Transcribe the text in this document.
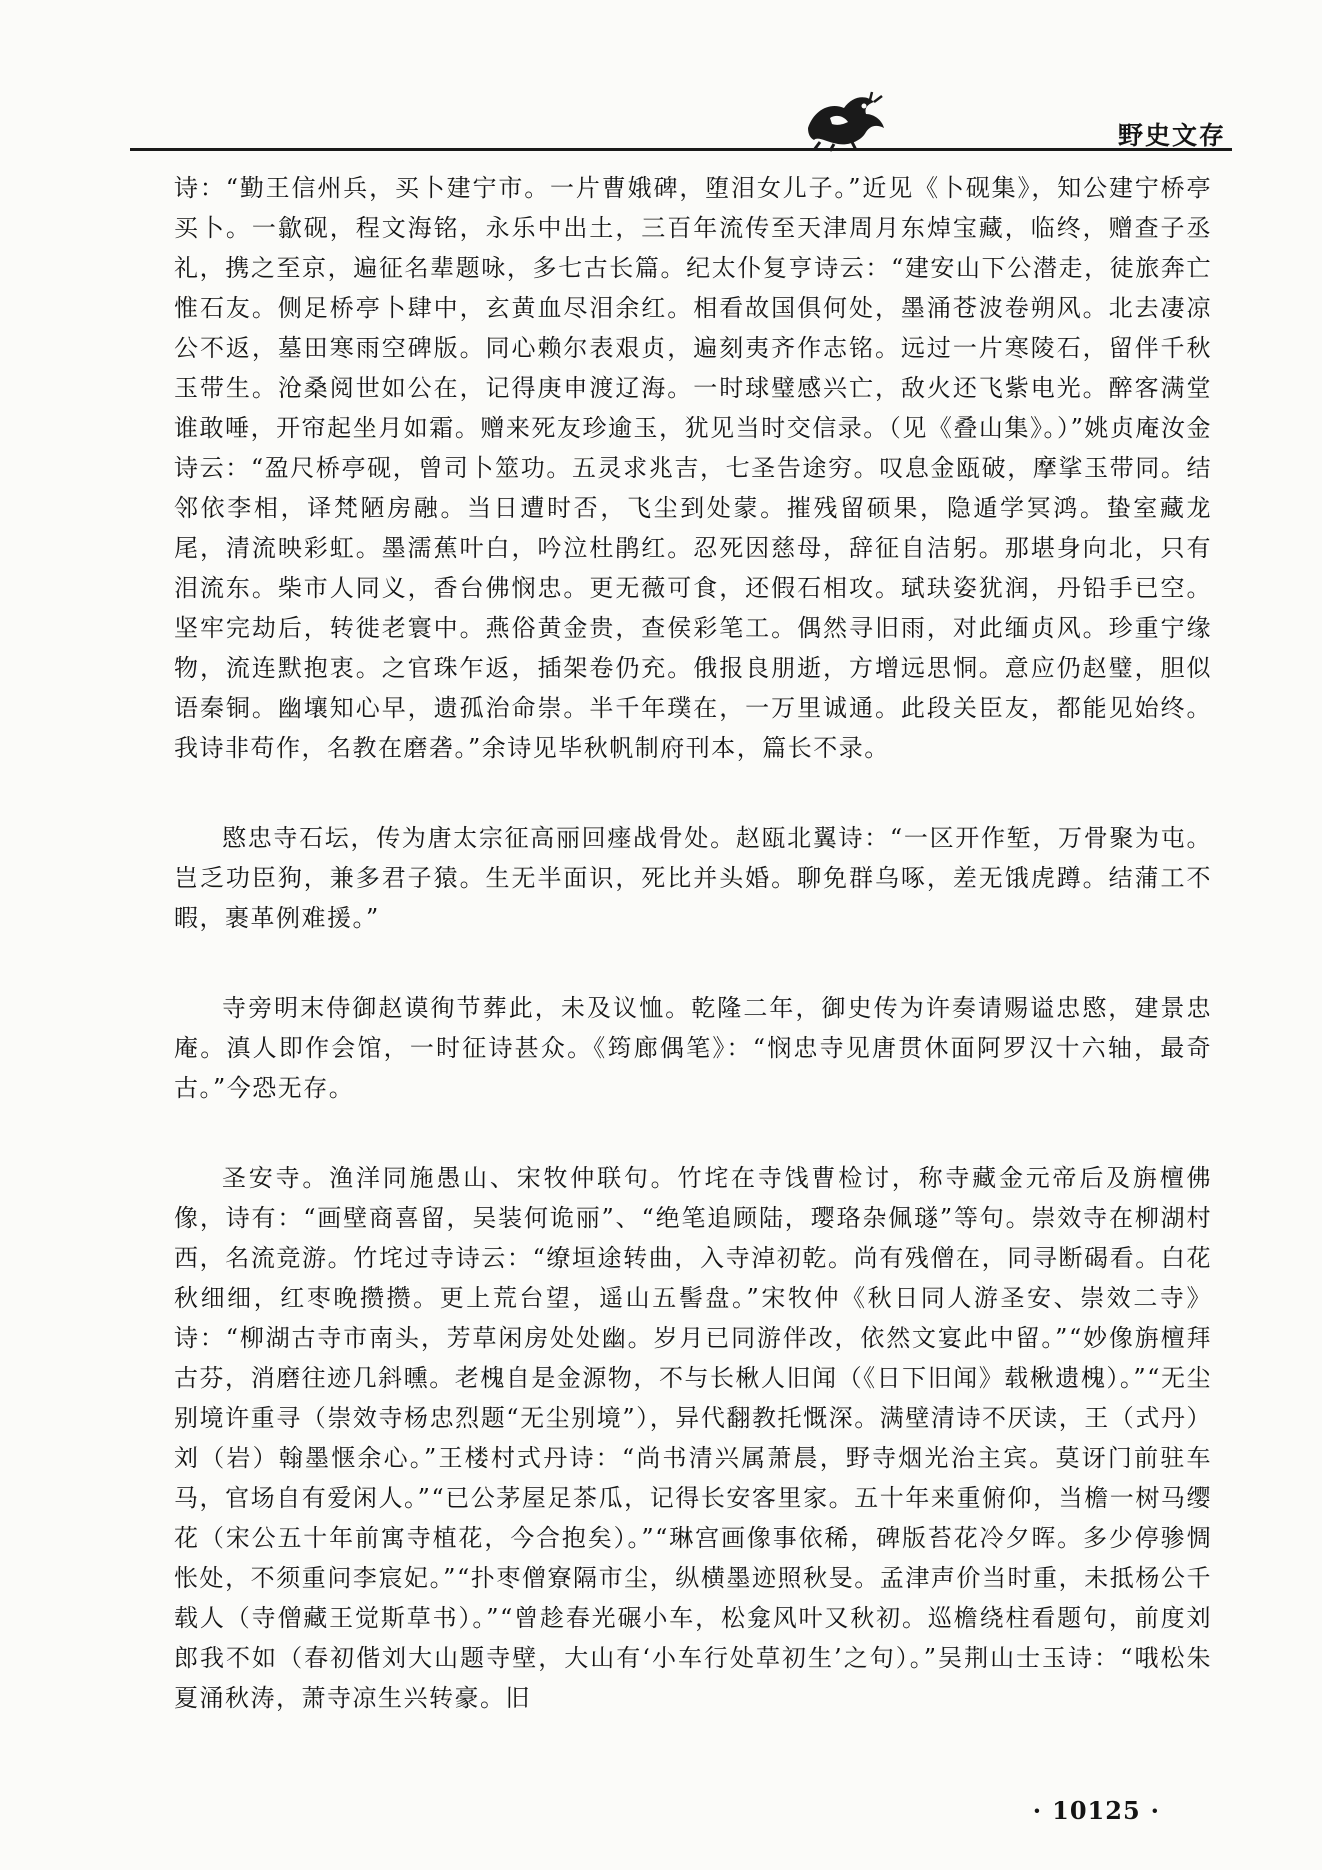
野史文存

诗：“勤王信州兵，买卜建宁市。一片曹娥碑，堕泪女儿子。”近见《卜砚集》，知公建宁桥亭买卜。一歙砚，程文海铭，永乐中出土，三百年流传至天津周月东焯宝藏，临终，赠查子丞礼，携之至京，遍征名辈题咏，多七古长篇。纪太仆复亨诗云：“建安山下公潜走，徒旅奔亡惟石友。侧足桥亭卜肆中，玄黄血尽泪余红。相看故国俱何处，墨涌苍波卷朔风。北去凄凉公不返，墓田寒雨空碑版。同心赖尔表艰贞，遍刻夷齐作志铭。远过一片寒陵石，留伴千秋玉带生。沧桑阅世如公在，记得庚申渡辽海。一时球璧感兴亡，敌火还飞紫电光。醉客满堂谁敢唾，开帘起坐月如霜。赠来死友珍逾玉，犹见当时交信录。（见《叠山集》。）”姚贞庵汝金诗云：“盈尺桥亭砚，曾司卜筮功。五灵求兆吉，七圣告途穷。叹息金瓯破，摩挲玉带同。结邻依李相，译梵陋房融。当日遭时否，飞尘到处蒙。摧残留硕果，隐遁学冥鸿。蛰室藏龙尾，清流映彩虹。墨濡蕉叶白，吟泣杜鹃红。忍死因慈母，辞征自洁躬。那堪身向北，只有泪流东。柴市人同义，香台佛悯忠。更无薇可食，还假石相攻。珷玞姿犹润，丹铅手已空。坚牢完劫后，转徙老寰中。燕俗黄金贵，查侯彩笔工。偶然寻旧雨，对此缅贞风。珍重宁缘物，流连默抱衷。之官珠乍返，插架卷仍充。俄报良朋逝，方增远思恫。意应仍赵璧，胆似语秦铜。幽壤知心早，遗孤治命崇。半千年璞在，一万里诚通。此段关臣友，都能见始终。我诗非苟作，名教在磨砻。”余诗见毕秋帆制府刊本，篇长不录。

愍忠寺石坛，传为唐太宗征高丽回瘗战骨处。赵瓯北翼诗：“一区开作堑，万骨聚为屯。岂乏功臣狗，兼多君子猿。生无半面识，死比并头婚。聊免群乌啄，差无饿虎蹲。结蒲工不暇，裹革例难援。”

寺旁明末侍御赵谟徇节葬此，未及议恤。乾隆二年，御史传为许奏请赐谥忠愍，建景忠庵。滇人即作会馆，一时征诗甚众。《筠廊偶笔》：“悯忠寺见唐贯休面阿罗汉十六轴，最奇古。”今恐无存。

圣安寺。渔洋同施愚山、宋牧仲联句。竹垞在寺饯曹检讨，称寺藏金元帝后及旃檀佛像，诗有：“画壁商喜留，吴装何诡丽”、“绝笔追顾陆，璎珞杂佩璲”等句。崇效寺在柳湖村西，名流竞游。竹垞过寺诗云：“缭垣途转曲，入寺淖初乾。尚有残僧在，同寻断碣看。白花秋细细，红枣晚攒攒。更上荒台望，遥山五髻盘。”宋牧仲《秋日同人游圣安、崇效二寺》诗：“柳湖古寺市南头，芳草闲房处处幽。岁月已同游伴改，依然文宴此中留。”“妙像旃檀拜古芬，消磨往迹几斜曛。老槐自是金源物，不与长楸人旧闻（《日下旧闻》载楸遗槐）。”“无尘别境许重寻（崇效寺杨忠烈题“无尘别境”），异代翻教托慨深。满壁清诗不厌读，王（式丹）刘（岩）翰墨惬余心。”王楼村式丹诗：“尚书清兴属萧晨，野寺烟光治主宾。莫讶门前驻车马，官场自有爱闲人。”“已公茅屋足茶瓜，记得长安客里家。五十年来重俯仰，当檐一树马缨花（宋公五十年前寓寺植花，今合抱矣）。”“琳宫画像事依稀，碑版苔花冷夕晖。多少停骖惆怅处，不须重问李宸妃。”“扑枣僧寮隔市尘，纵横墨迹照秋旻。孟津声价当时重，未抵杨公千载人（寺僧藏王觉斯草书）。”“曾趁春光碾小车，松龛风叶又秋初。巡檐绕柱看题句，前度刘郎我不如（春初偕刘大山题寺壁，大山有‘小车行处草初生’之句）。”吴荆山士玉诗：“哦松朱夏涌秋涛，萧寺凉生兴转豪。旧

· 10125 ·
